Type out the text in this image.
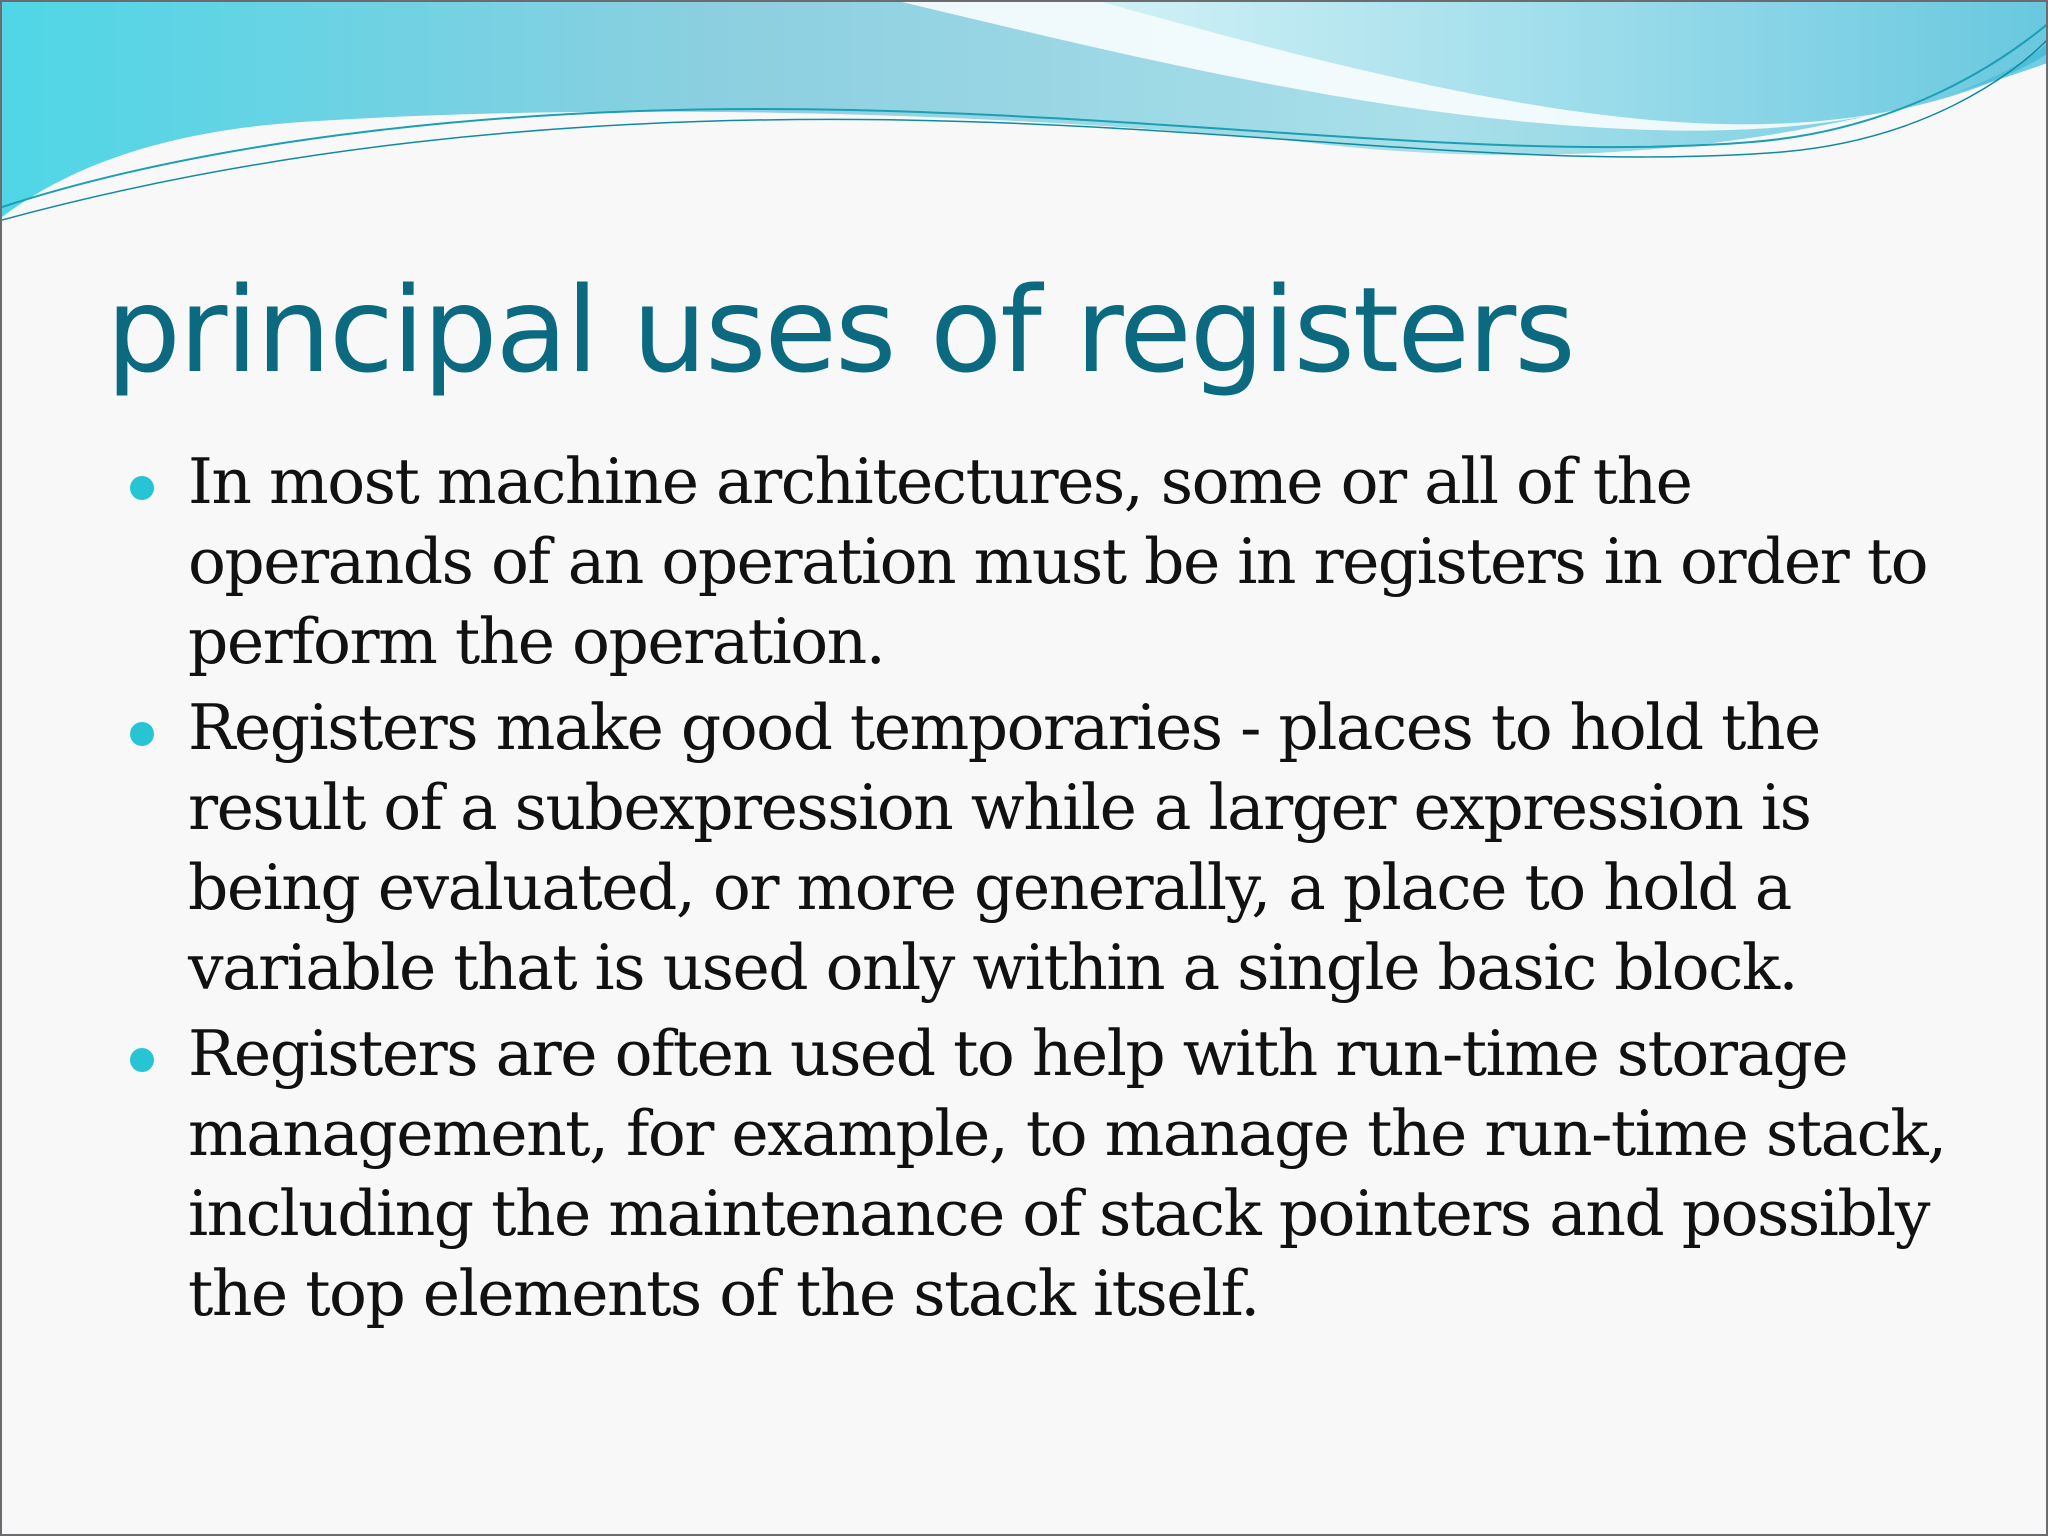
principal uses of registers
In most machine architectures, some or all of the operands of an operation must be in registers in order to perform the operation.
Registers make good temporaries - places to hold the result of a subexpression while a larger expression is being evaluated, or more generally, a place to hold a variable that is used only within a single basic block.
Registers are often used to help with run-time storage management, for example, to manage the run-time stack, including the maintenance of stack pointers and possibly the top elements of the stack itself.
